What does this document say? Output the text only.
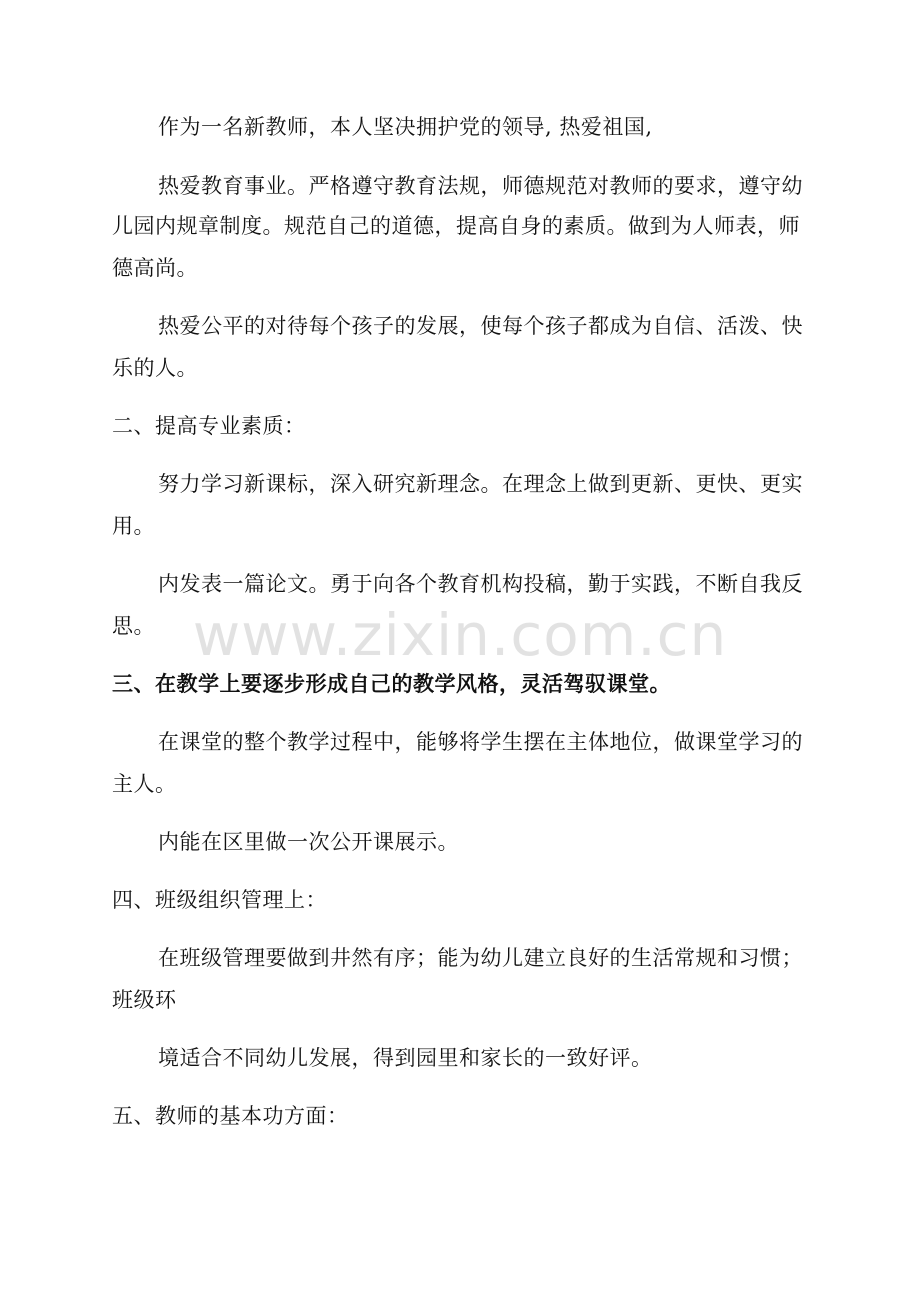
作为一名新教师，本人坚决拥护党的领导, 热爱祖国,

热爱教育事业。严格遵守教育法规，师德规范对教师的要求，遵守幼

儿园内规章制度。规范自己的道德，提高自身的素质。做到为人师表，师

德高尚。

热爱公平的对待每个孩子的发展，使每个孩子都成为自信、活泼、快

乐的人。

二、提高专业素质：

努力学习新课标，深入研究新理念。在理念上做到更新、更快、更实

用。

内发表一篇论文。勇于向各个教育机构投稿，勤于实践，不断自我反

思。

三、在教学上要逐步形成自己的教学风格，灵活驾驭课堂。

在课堂的整个教学过程中，能够将学生摆在主体地位，做课堂学习的

主人。

内能在区里做一次公开课展示。

四、班级组织管理上：

在班级管理要做到井然有序；能为幼儿建立良好的生活常规和习惯；

班级环

境适合不同幼儿发展，得到园里和家长的一致好评。

五、教师的基本功方面：

www.zixin.com.cn
